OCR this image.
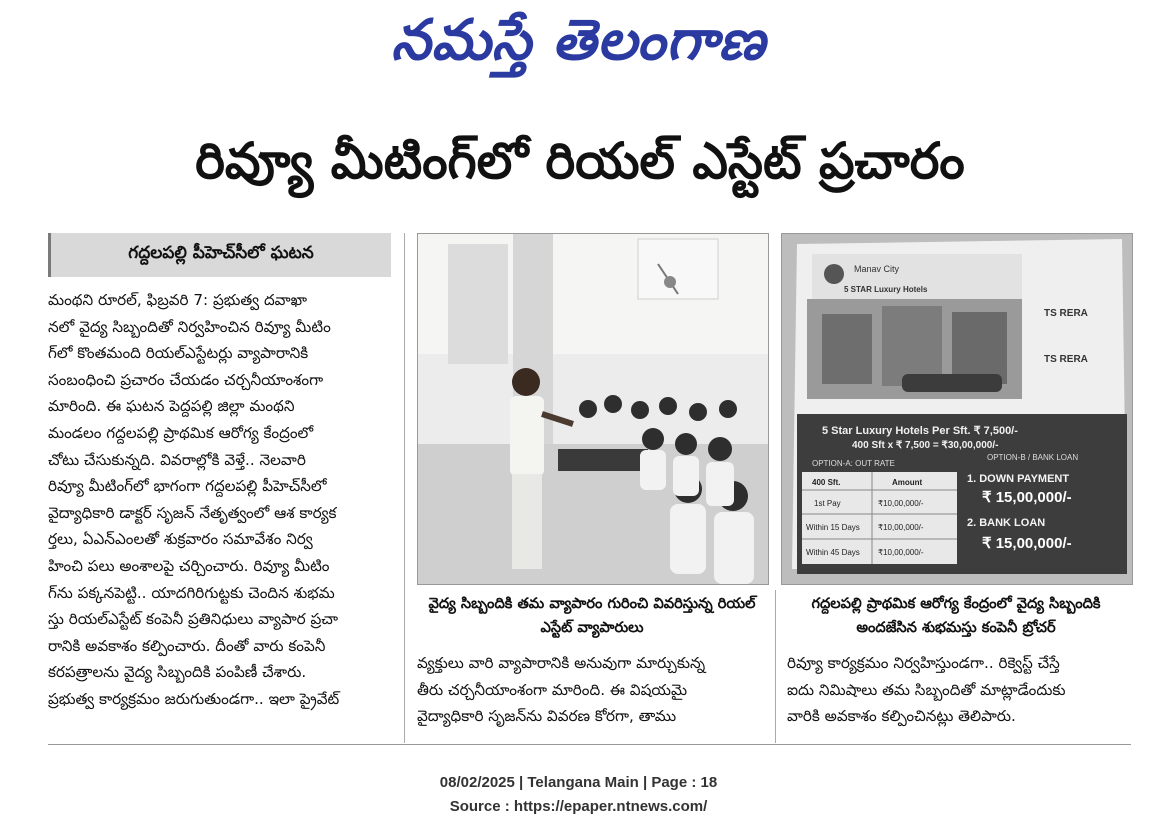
నమస్తే తెలంగాణ
రివ్యూ మీటింగ్‌లో రియల్ ఎస్టేట్ ప్రచారం
గద్దలపల్లి పీహెచ్‌సీలో ఘటన
మంథని రూరల్, ఫిబ్రవరి 7: ప్రభుత్వ దవాఖా
నలో వైద్య సిబ్బందితో నిర్వహించిన రివ్యూ మీటిం
గ్‌లో కొంతమంది రియల్‌ఎస్టేటర్లు వ్యాపారానికి
సంబంధించి ప్రచారం చేయడం చర్చనీయాంశంగా
మారింది. ఈ ఘటన పెద్దపల్లి జిల్లా మంథని
మండలం గద్దలపల్లి ప్రాథమిక ఆరోగ్య కేంద్రంలో
చోటు చేసుకున్నది. వివరాల్లోకి వెళ్తే.. నెలవారి
రివ్యూ మీటింగ్‌లో భాగంగా గద్దలపల్లి పీహెచ్‌సీలో
వైద్యాధికారి డాక్టర్ సృజన్ నేతృత్వంలో ఆశ కార్యక
ర్తలు, ఏఎన్‌ఎంలతో శుక్రవారం సమావేశం నిర్వ
హించి పలు అంశాలపై చర్చించారు. రివ్యూ మీటిం
గ్‌ను పక్కనపెట్టి.. యాదగిరిగుట్టకు చెందిన శుభమ
స్తు రియల్‌ఎస్టేట్ కంపెనీ ప్రతినిధులు వ్యాపార ప్రచా
రానికి అవకాశం కల్పించారు. దీంతో వారు కంపెనీ
కరపత్రాలను వైద్య సిబ్బందికి పంపిణీ చేశారు.
ప్రభుత్వ కార్యక్రమం జరుగుతుండగా.. ఇలా ప్రైవేట్
Manav City
5 STAR Luxury Hotels
TS RERA
TS RERA
5 Star Luxury Hotels Per Sft. ₹ 7,500/-
400 Sft x ₹ 7,500 = ₹30,00,000/-
OPTION-A: OUT RATE
OPTION-B / BANK LOAN
400 Sft.	Amount
1st Pay	₹10,00,000/-
Within 15 Days ₹10,00,000/-
Within 45 Days ₹10,00,000/-
1. DOWN PAYMENT
₹ 15,00,000/-
2. BANK LOAN
₹ 15,00,000/-
వైద్య సిబ్బందికి తమ వ్యాపారం గురించి వివరిస్తున్న రియల్ ఎస్టేట్ వ్యాపారులు
గద్దలపల్లి ప్రాథమిక ఆరోగ్య కేంద్రంలో వైద్య సిబ్బందికి అందజేసిన శుభమస్తు కంపెనీ బ్రోచర్
వ్యక్తులు వారి వ్యాపారానికి అనువుగా మార్చుకున్న
తీరు చర్చనీయాంశంగా మారింది. ఈ విషయమై
వైద్యాధికారి సృజన్‌ను వివరణ కోరగా, తాము
రివ్యూ కార్యక్రమం నిర్వహిస్తుండగా.. రిక్వెస్ట్ చేస్తే
ఐదు నిమిషాలు తమ సిబ్బందితో మాట్లాడేందుకు
వారికి అవకాశం కల్పించినట్లు తెలిపారు.
08/02/2025 | Telangana Main | Page : 18
Source : https://epaper.ntnews.com/
